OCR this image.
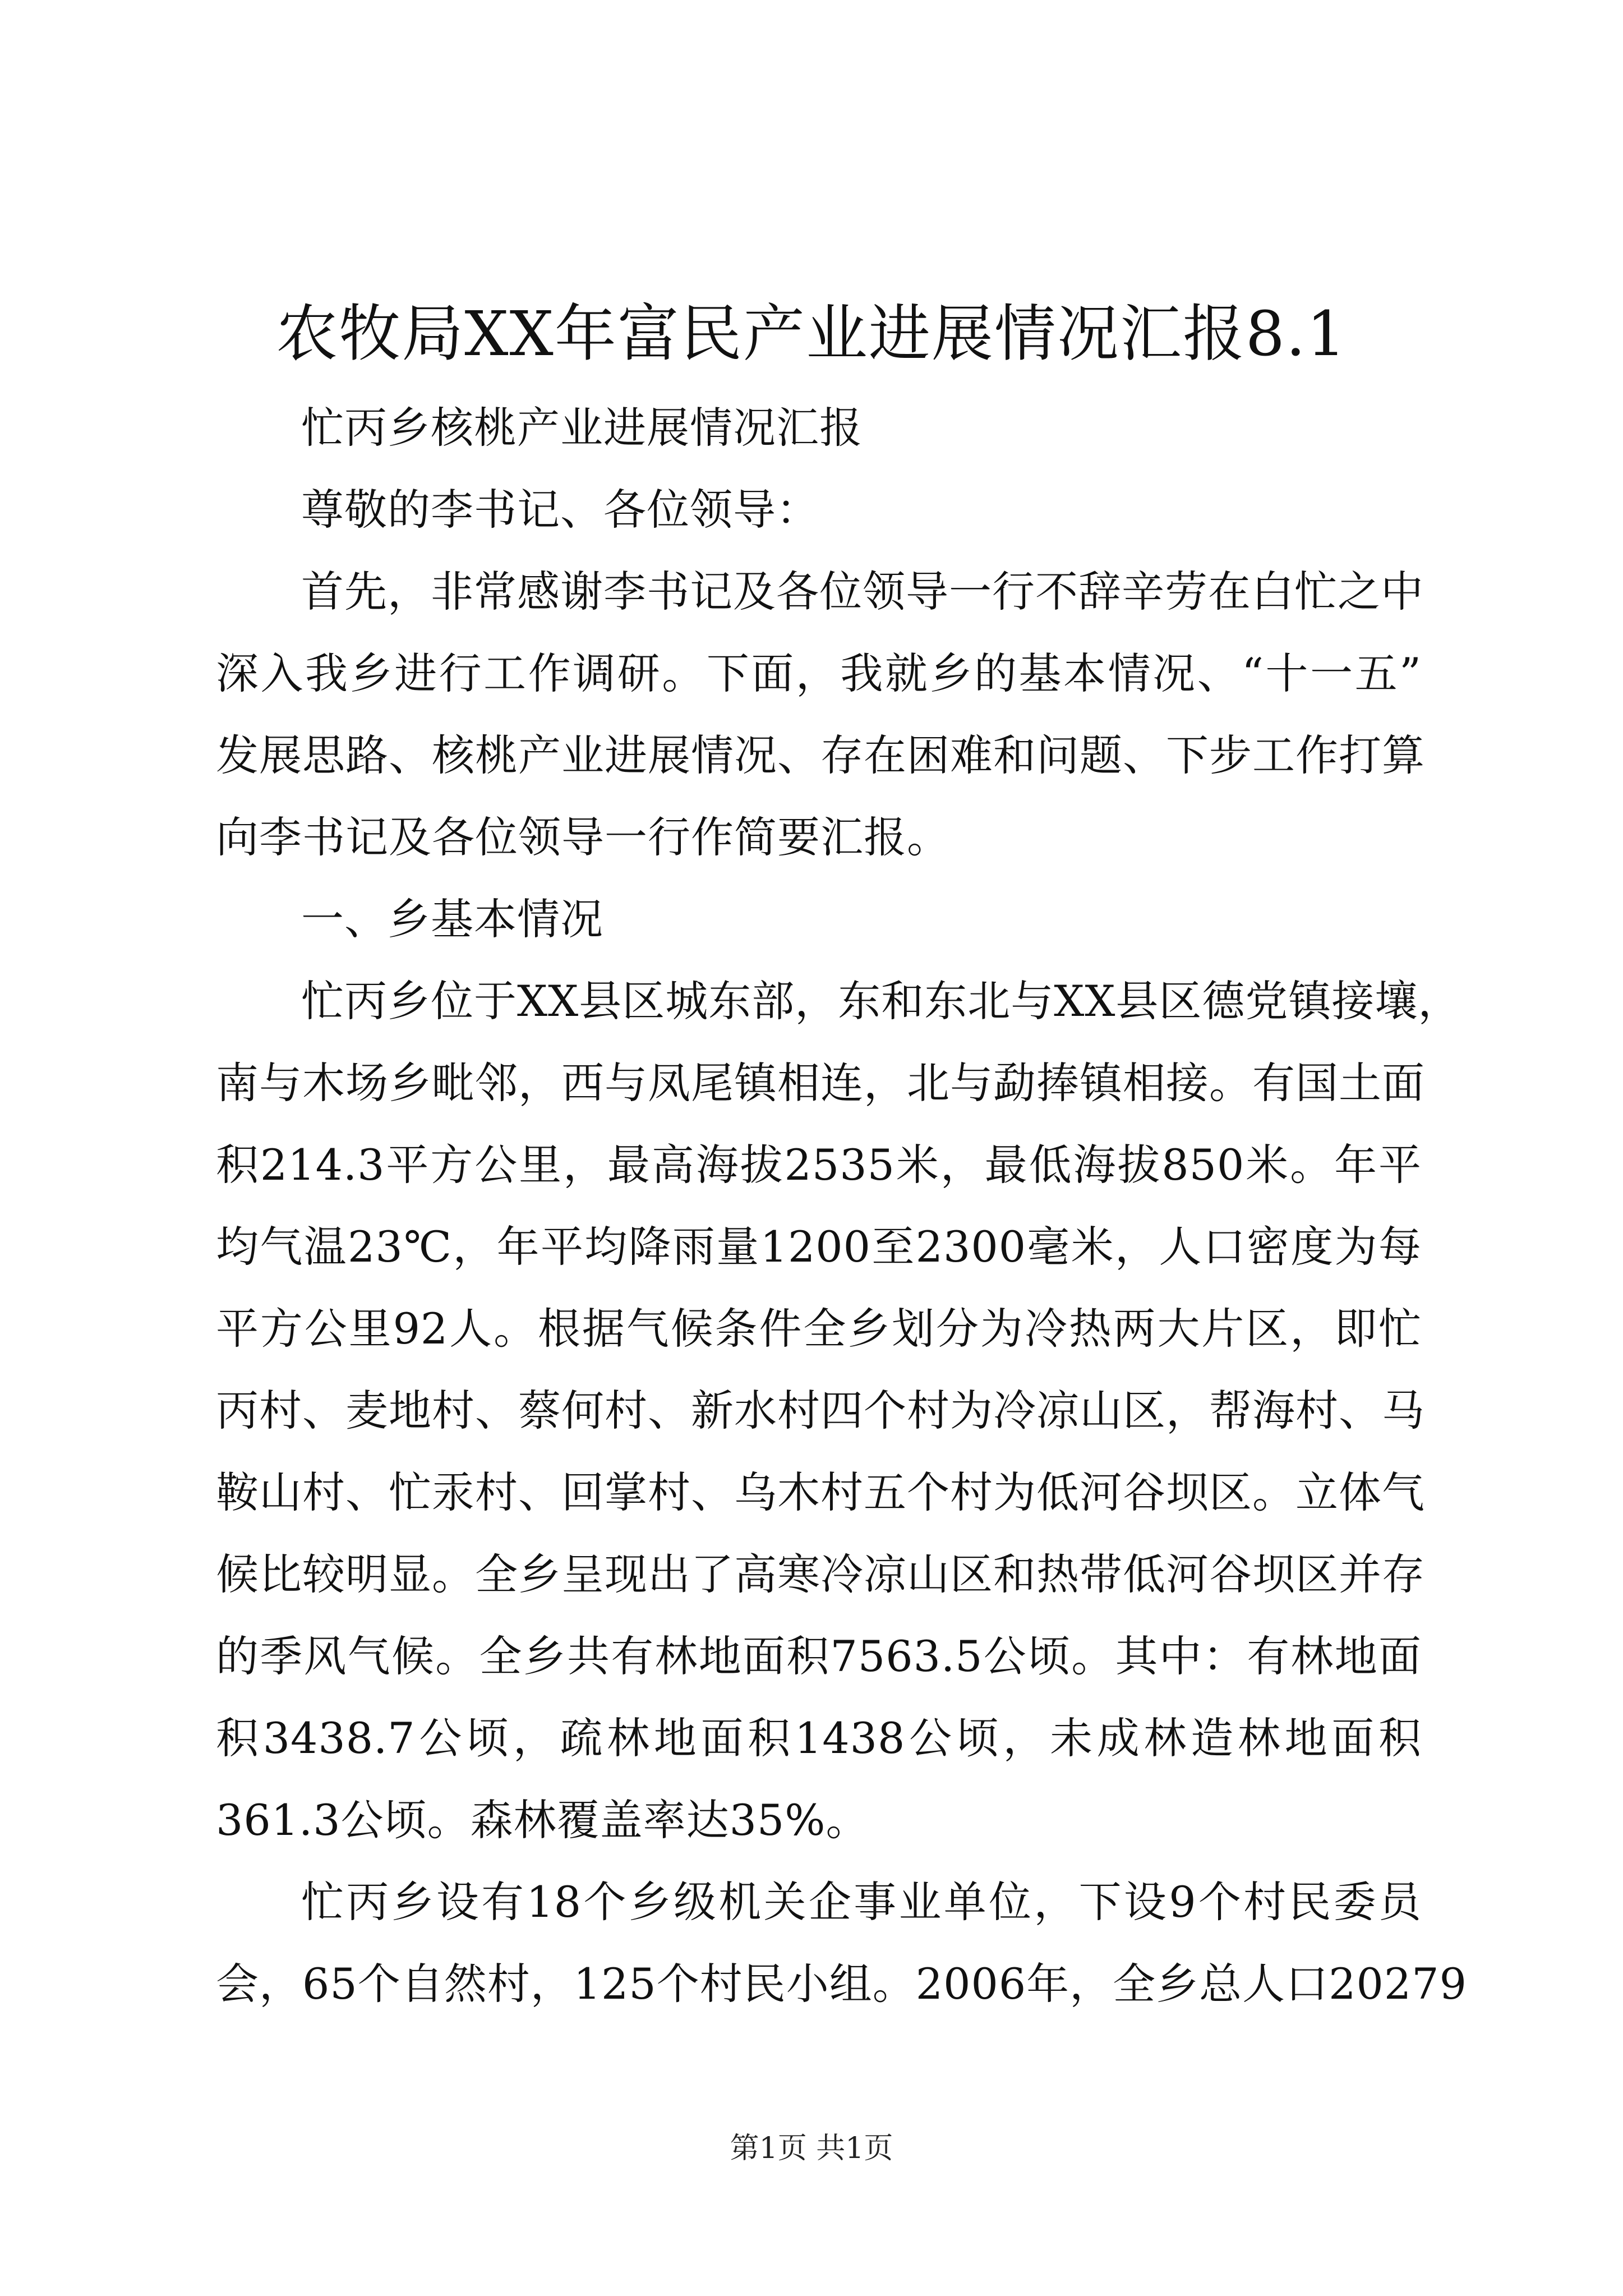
农牧局XX年富民产业进展情况汇报8.1
忙丙乡核桃产业进展情况汇报
尊敬的李书记、各位领导：
首先，非常感谢李书记及各位领导一行不辞辛劳在白忙之中
深入我乡进行工作调研。下面，我就乡的基本情况、“十一五”
发展思路、核桃产业进展情况、存在困难和问题、下步工作打算
向李书记及各位领导一行作简要汇报。
一、乡基本情况
忙丙乡位于XX县区城东部，东和东北与XX县区德党镇接壤，
南与木场乡毗邻，西与凤尾镇相连，北与勐捧镇相接。有国土面
积214.3平方公里，最高海拔2535米，最低海拔850米。年平
均气温23℃，年平均降雨量1200至2300毫米，人口密度为每
平方公里92人。根据气候条件全乡划分为冷热两大片区，即忙
丙村、麦地村、蔡何村、新水村四个村为冷凉山区，帮海村、马
鞍山村、忙汞村、回掌村、乌木村五个村为低河谷坝区。立体气
候比较明显。全乡呈现出了高寒冷凉山区和热带低河谷坝区并存
的季风气候。全乡共有林地面积7563.5公顷。其中：有林地面
积3438.7公顷，疏林地面积1438公顷，未成林造林地面积
361.3公顷。森林覆盖率达35%。
忙丙乡设有18个乡级机关企事业单位，下设9个村民委员
会，65个自然村，125个村民小组。2006年，全乡总人口20279
第1页 共1页
